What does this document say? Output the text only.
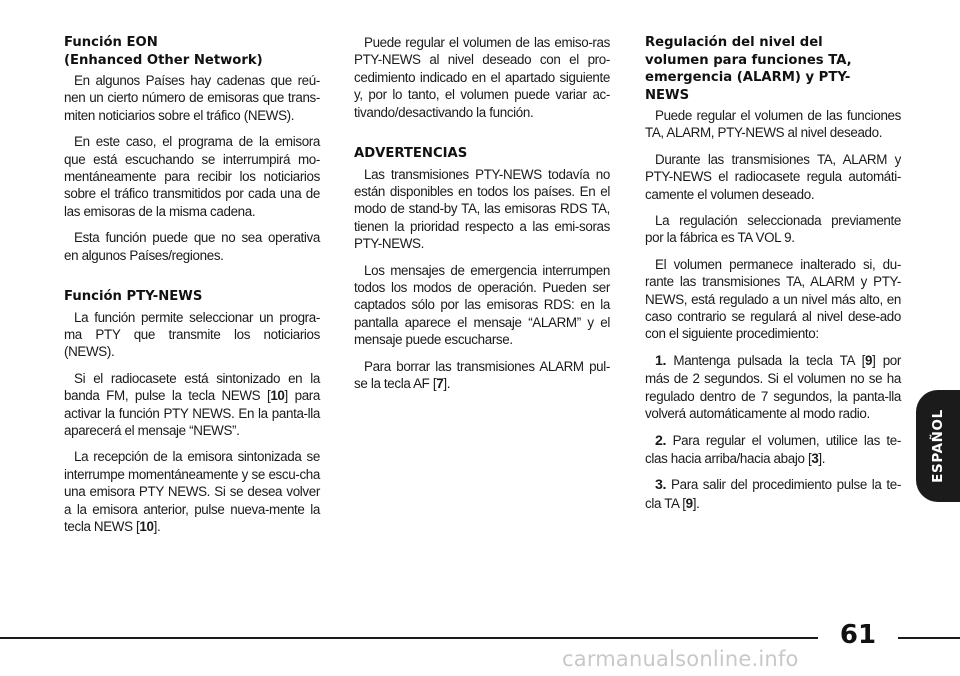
Función EON
(Enhanced Other Network)

En algunos Países hay cadenas que reú-nen un cierto número de emisoras que trans-miten noticiarios sobre el tráfico (NEWS).

En este caso, el programa de la emisora que está escuchando se interrumpirá mo-mentáneamente para recibir los noticiarios sobre el tráfico transmitidos por cada una de las emisoras de la misma cadena.

Esta función puede que no sea operativa en algunos Países/regiones.

Función PTY-NEWS

La función permite seleccionar un progra-ma PTY que transmite los noticiarios (NEWS).

Si el radiocasete está sintonizado en la banda FM, pulse la tecla NEWS [10] para activar la función PTY NEWS. En la panta-lla aparecerá el mensaje “NEWS”.

La recepción de la emisora sintonizada se interrumpe momentáneamente y se escu-cha una emisora PTY NEWS. Si se desea volver a la emisora anterior, pulse nueva-mente la tecla NEWS [10].

Puede regular el volumen de las emiso-ras PTY-NEWS al nivel deseado con el pro-cedimiento indicado en el apartado siguiente y, por lo tanto, el volumen puede variar ac-tivando/desactivando la función.

ADVERTENCIAS

Las transmisiones PTY-NEWS todavía no están disponibles en todos los países. En el modo de stand-by TA, las emisoras RDS TA, tienen la prioridad respecto a las emi-soras PTY-NEWS.

Los mensajes de emergencia interrumpen todos los modos de operación. Pueden ser captados sólo por las emisoras RDS: en la pantalla aparece el mensaje “ALARM” y el mensaje puede escucharse.

Para borrar las transmisiones ALARM pul-se la tecla AF [7].

Regulación del nivel del
volumen para funciones TA,
emergencia (ALARM) y PTY-
NEWS

Puede regular el volumen de las funciones TA, ALARM, PTY-NEWS al nivel deseado.

Durante las transmisiones TA, ALARM y PTY-NEWS el radiocasete regula automáti-camente el volumen deseado.

La regulación seleccionada previamente por la fábrica es TA VOL 9.

El volumen permanece inalterado si, du-rante las transmisiones TA, ALARM y PTY-NEWS, está regulado a un nivel más alto, en caso contrario se regulará al nivel dese-ado con el siguiente procedimiento:

1. Mantenga pulsada la tecla TA [9] por más de 2 segundos. Si el volumen no se ha regulado dentro de 7 segundos, la panta-lla volverá automáticamente al modo radio.

2. Para regular el volumen, utilice las te-clas hacia arriba/hacia abajo [3].

3. Para salir del procedimiento pulse la te-cla TA [9].

ESPAÑOL
61
carmanualsonline.info
